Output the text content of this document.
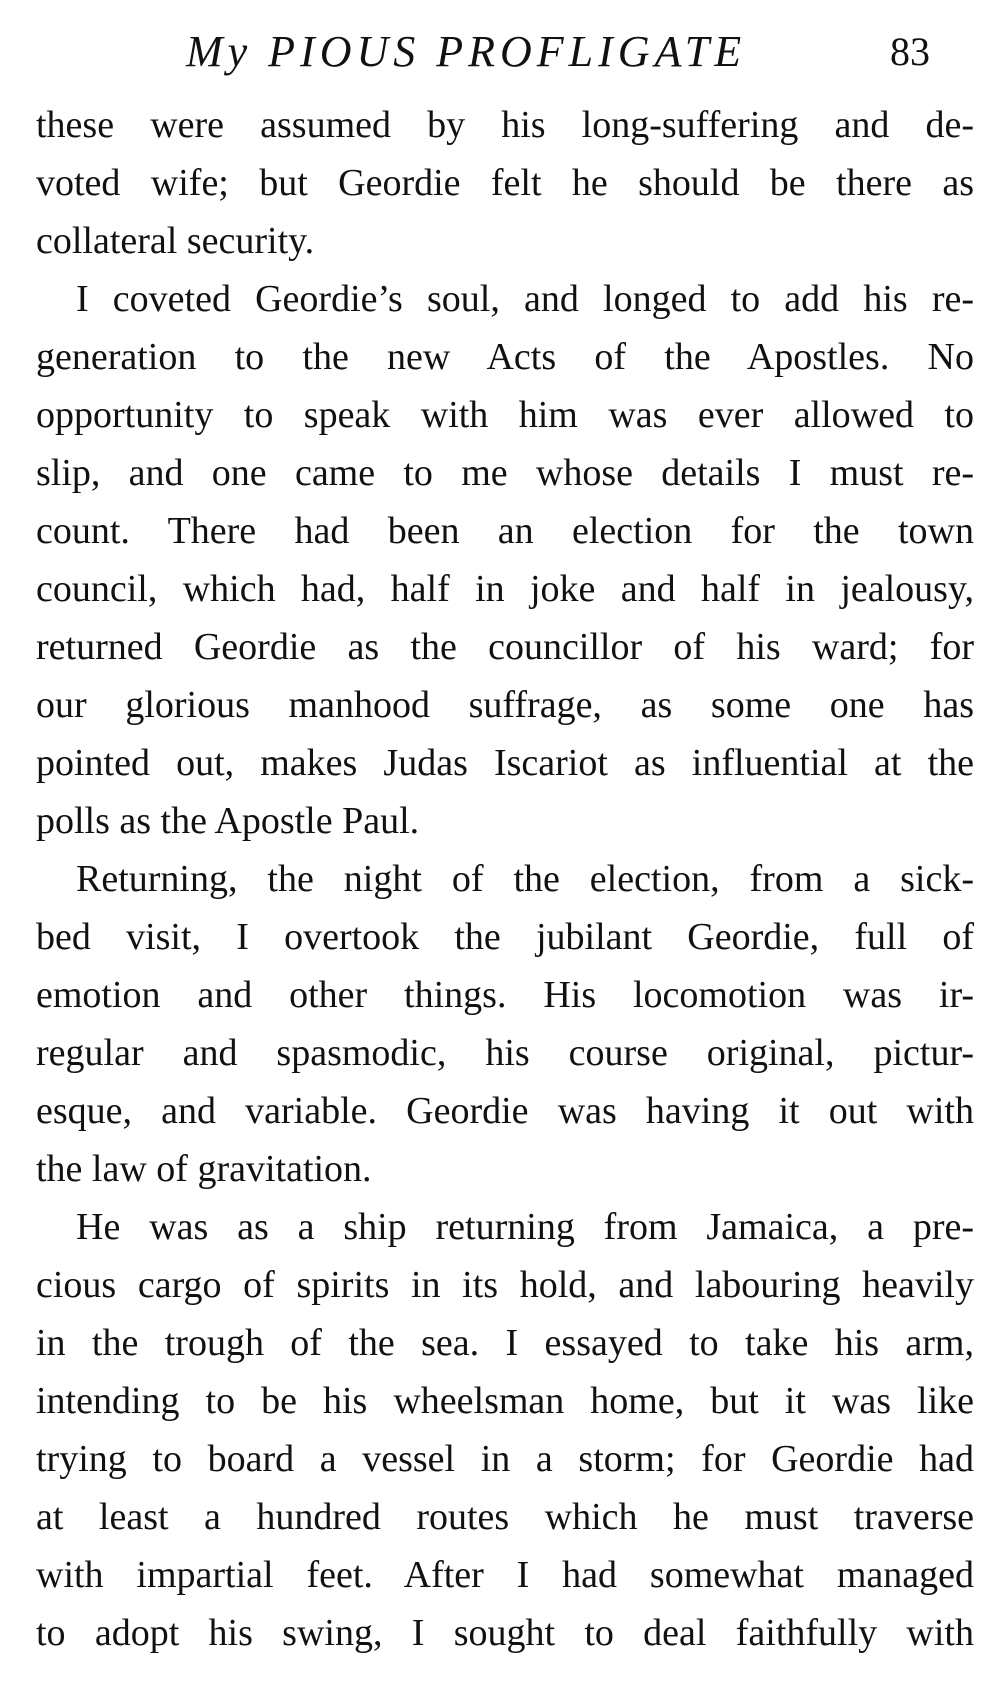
My PIOUS PROFLIGATE	83
these were assumed by his long-suffering and de-
voted wife; but Geordie felt he should be there as
collateral security.
I coveted Geordie’s soul, and longed to add his re-
generation to the new Acts of the Apostles. No
opportunity to speak with him was ever allowed to
slip, and one came to me whose details I must re-
count. There had been an election for the town
council, which had, half in joke and half in jealousy,
returned Geordie as the councillor of his ward; for
our glorious manhood suffrage, as some one has
pointed out, makes Judas Iscariot as influential at the
polls as the Apostle Paul.
Returning, the night of the election, from a sick-
bed visit, I overtook the jubilant Geordie, full of
emotion and other things. His locomotion was ir-
regular and spasmodic, his course original, pictur-
esque, and variable. Geordie was having it out with
the law of gravitation.
He was as a ship returning from Jamaica, a pre-
cious cargo of spirits in its hold, and labouring heavily
in the trough of the sea. I essayed to take his arm,
intending to be his wheelsman home, but it was like
trying to board a vessel in a storm; for Geordie had
at least a hundred routes which he must traverse
with impartial feet. After I had somewhat managed
to adopt his swing, I sought to deal faithfully with
